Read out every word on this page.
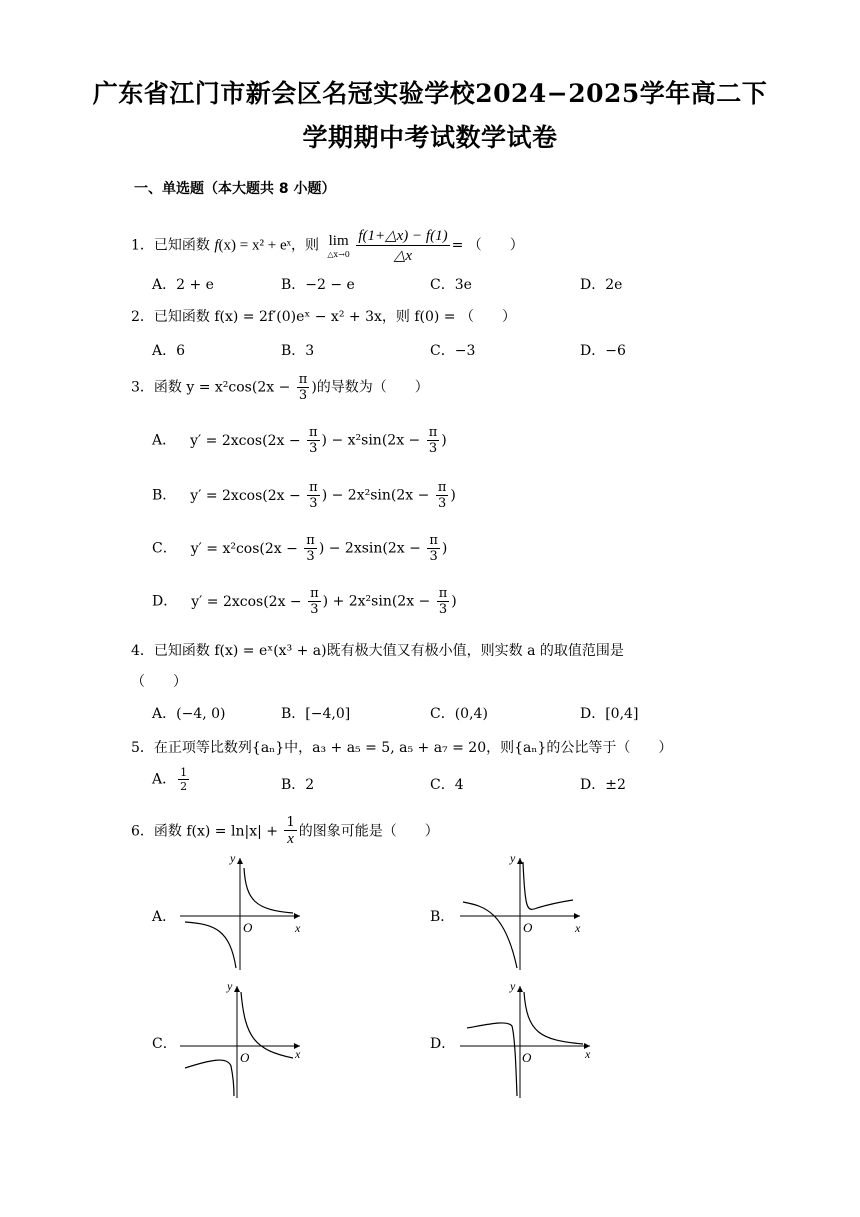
广东省江门市新会区名冠实验学校2024−2025学年高二下
学期期中考试数学试卷
一、单选题（本大题共 8 小题）
1．已知函数 f(x) = x² + eˣ，则 lim
△x→0
$\frac{f(1+\triangle x) - f(1)}{\triangle x}$ = （　　）
A．2 + e	B．−2 − e	C．3e	D．2e
2．已知函数 f(x) = 2f′(0)eˣ − x² + 3x，则 f(0) = （　　）
A．6	B．3	C．−3	D．−6
3．函数 $y = x^2\cos(2x - \frac{\pi}{3}$ )的导数为（　　）
A． $y' = 2xcos(2x - \frac{\pi}{3}$ ) − $x^2\sin(2x - \frac{\pi}{3}$ )
B． $y' = 2xcos(2x - \frac{\pi}{3}$ ) − $2x^2\sin(2x - \frac{\pi}{3}$ )
C． $y' = x^2\cos(2x - \frac{\pi}{3}$ ) − $2xsin(2x - \frac{\pi}{3}$ )
D． $y' = 2xcos(2x - \frac{\pi}{3}$ ) + $2x^2\sin(2x - \frac{\pi}{3}$ )
4．已知函数 f(x) = eˣ(x³ + a)既有极大值又有极小值，则实数 a 的取值范围是
（　　）
A．(−4, 0)	B．[−4,0]	C．(0,4)	D．[0,4]
5．在正项等比数列{aₙ}中，a₃ + a₅ = 5, a₅ + a₇ = 20，则{aₙ}的公比等于（　　）
A． $\frac{1}{2}$	B．2	C．4	D．±2
6．函数 $f(x) = \ln|x| + \frac{1}{x}$ 的图象可能是（　　）
A．	B．
C．	D．
y
x
O
y
x
O
y
x
O
y
x
O
